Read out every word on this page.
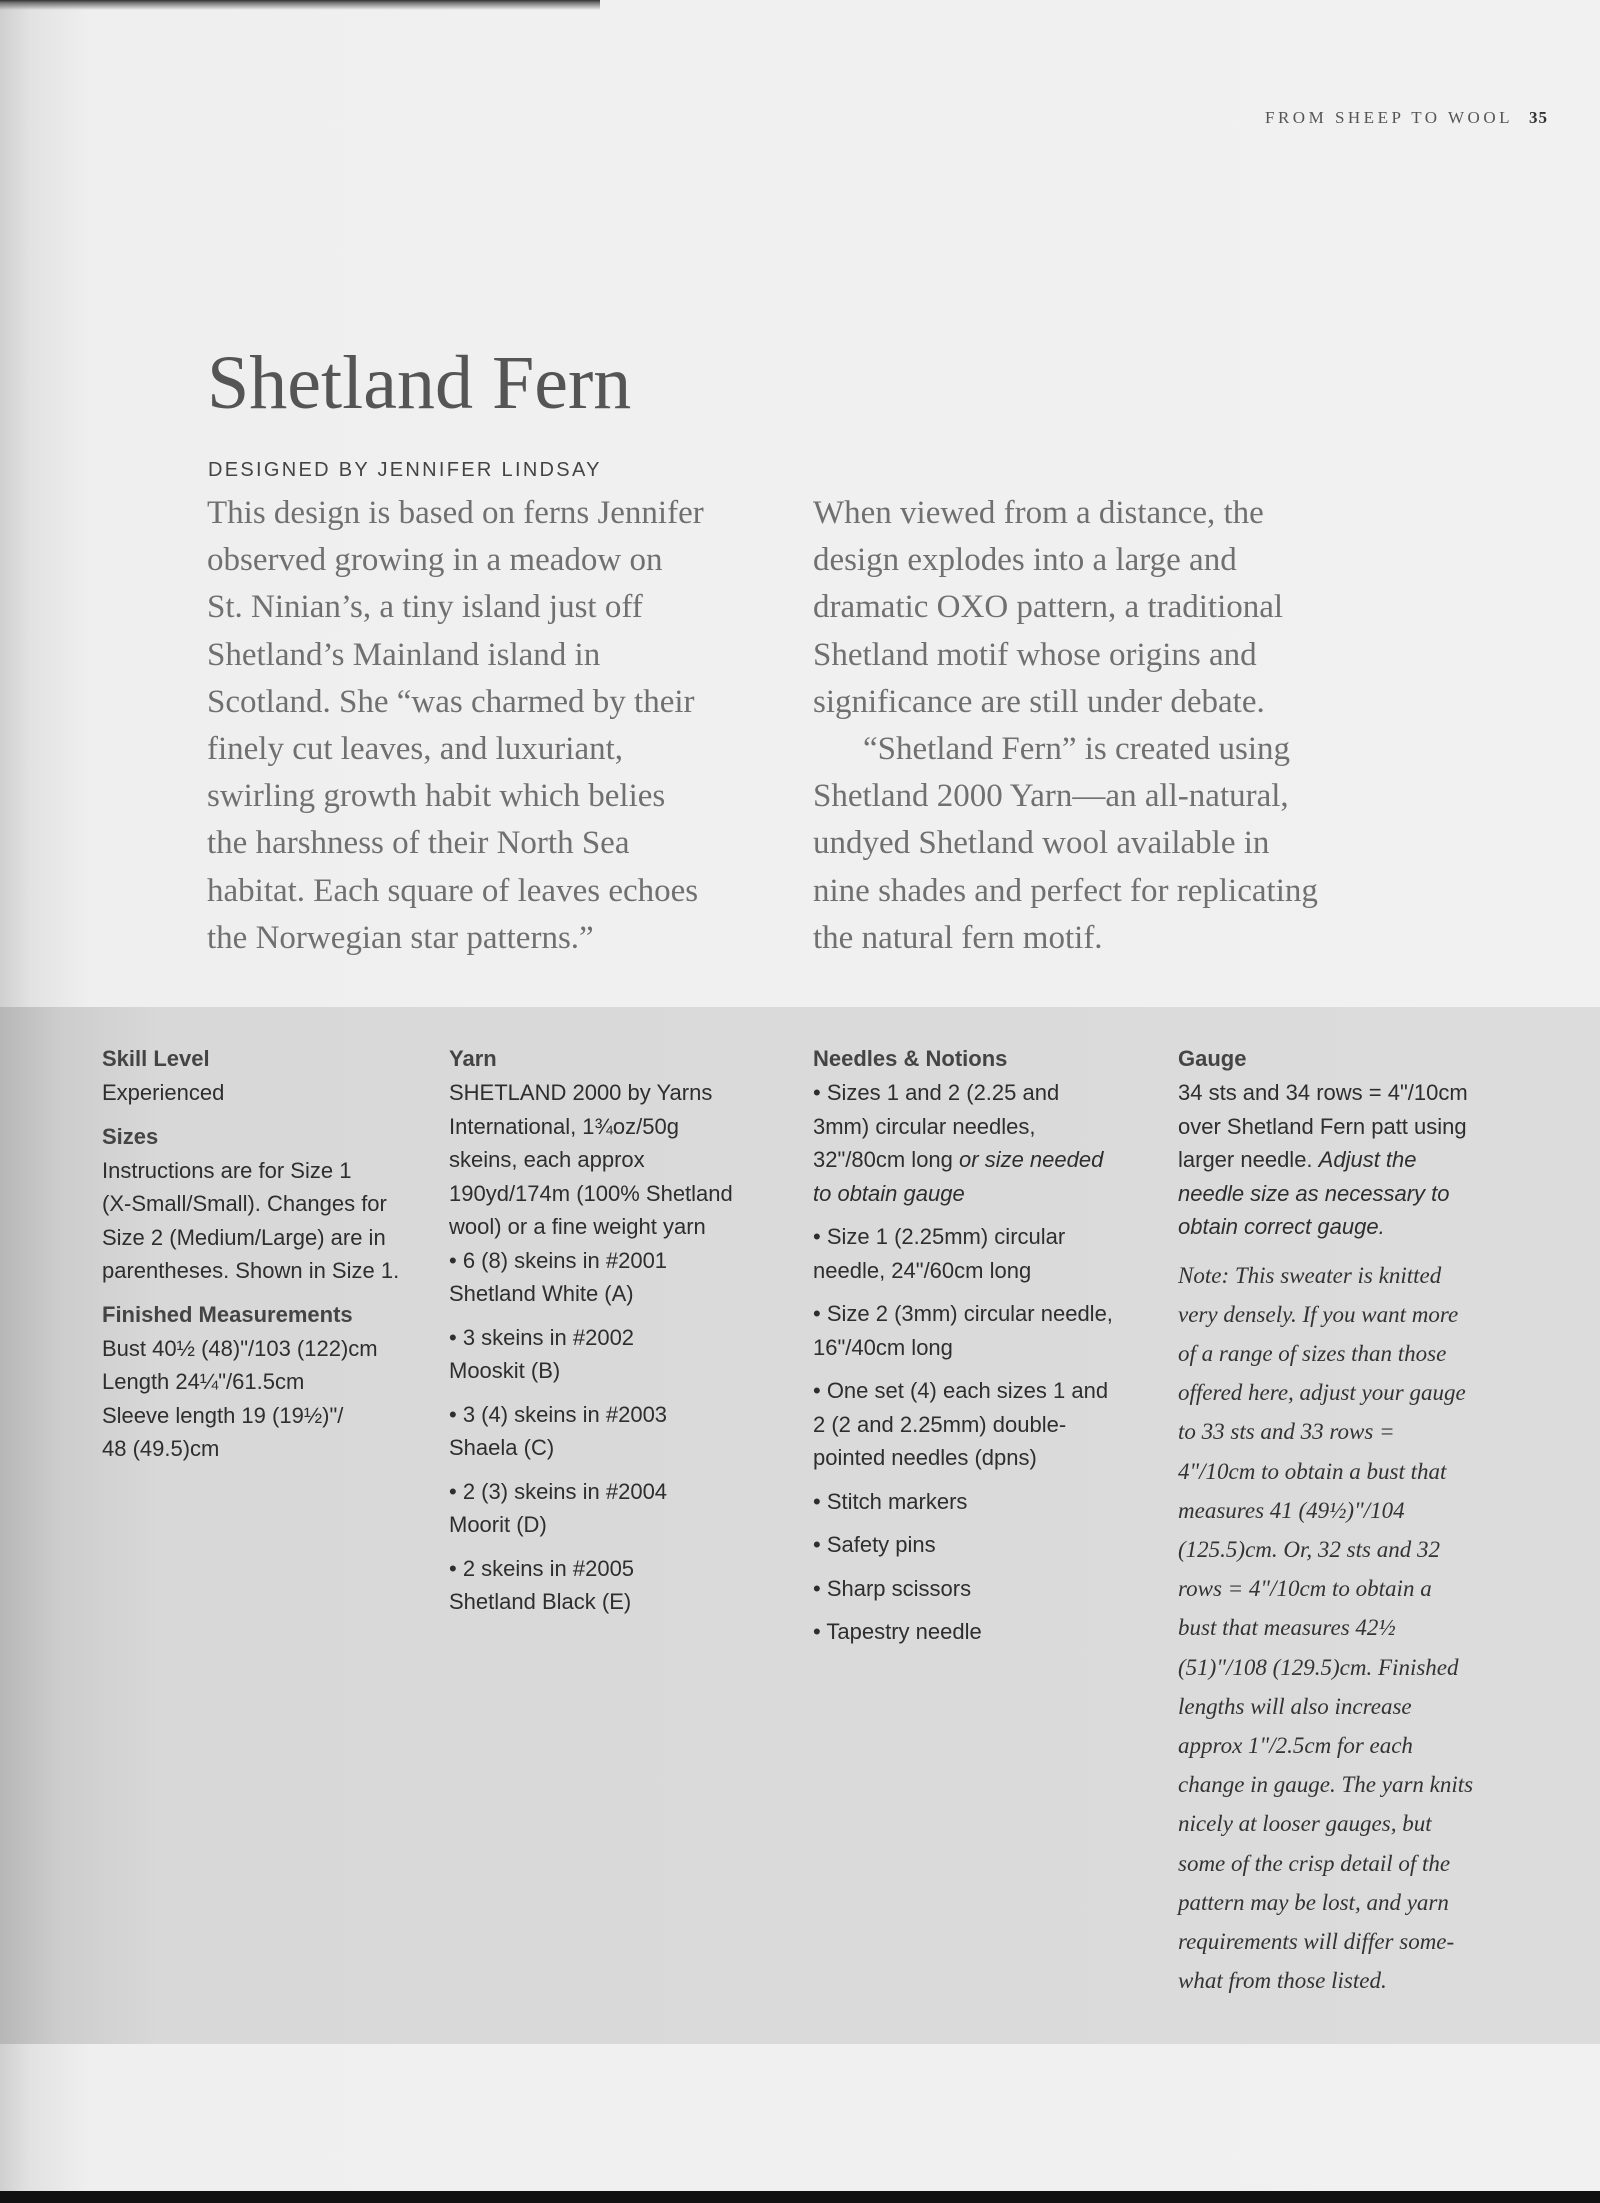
FROM SHEEP TO WOOL 35
Shetland Fern
DESIGNED BY JENNIFER LINDSAY

This design is based on ferns Jennifer

observed growing in a meadow on

St. Ninian’s, a tiny island just off

Shetland’s Mainland island in

Scotland. She “was charmed by their

finely cut leaves, and luxuriant,

swirling growth habit which belies

the harshness of their North Sea

habitat. Each square of leaves echoes

the Norwegian star patterns.”

When viewed from a distance, the

design explodes into a large and

dramatic OXO pattern, a traditional

Shetland motif whose origins and

significance are still under debate.

“Shetland Fern” is created using

Shetland 2000 Yarn—an all-natural,

undyed Shetland wool available in

nine shades and perfect for replicating

the natural fern motif.

Skill Level
Experienced
Sizes
Instructions are for Size 1
(X-Small/Small). Changes for
Size 2 (Medium/Large) are in
parentheses. Shown in Size 1.
Finished Measurements
Bust 40½ (48)"/103 (122)cm
Length 24¼"/61.5cm
Sleeve length 19 (19½)"/
48 (49.5)cm
Yarn
SHETLAND 2000 by Yarns
International, 1¾oz/50g
skeins, each approx
190yd/174m (100% Shetland
wool) or a fine weight yarn
• 6 (8) skeins in #2001
Shetland White (A)
• 3 skeins in #2002
Mooskit (B)
• 3 (4) skeins in #2003
Shaela (C)
• 2 (3) skeins in #2004
Moorit (D)
• 2 skeins in #2005
Shetland Black (E)
Needles & Notions
• Sizes 1 and 2 (2.25 and
3mm) circular needles,
32"/80cm long or size needed
to obtain gauge
• Size 1 (2.25mm) circular
needle, 24"/60cm long
• Size 2 (3mm) circular needle,
16"/40cm long
• One set (4) each sizes 1 and
2 (2 and 2.25mm) double-
pointed needles (dpns)
• Stitch markers
• Safety pins
• Sharp scissors
• Tapestry needle
Gauge
34 sts and 34 rows = 4"/10cm
over Shetland Fern patt using
larger needle. Adjust the
needle size as necessary to
obtain correct gauge.
Note: This sweater is knitted
very densely. If you want more
of a range of sizes than those
offered here, adjust your gauge
to 33 sts and 33 rows =
4"/10cm to obtain a bust that
measures 41 (49½)"/104
(125.5)cm. Or, 32 sts and 32
rows = 4"/10cm to obtain a
bust that measures 42½
(51)"/108 (129.5)cm. Finished
lengths will also increase
approx 1"/2.5cm for each
change in gauge. The yarn knits
nicely at looser gauges, but
some of the crisp detail of the
pattern may be lost, and yarn
requirements will differ some-
what from those listed.
